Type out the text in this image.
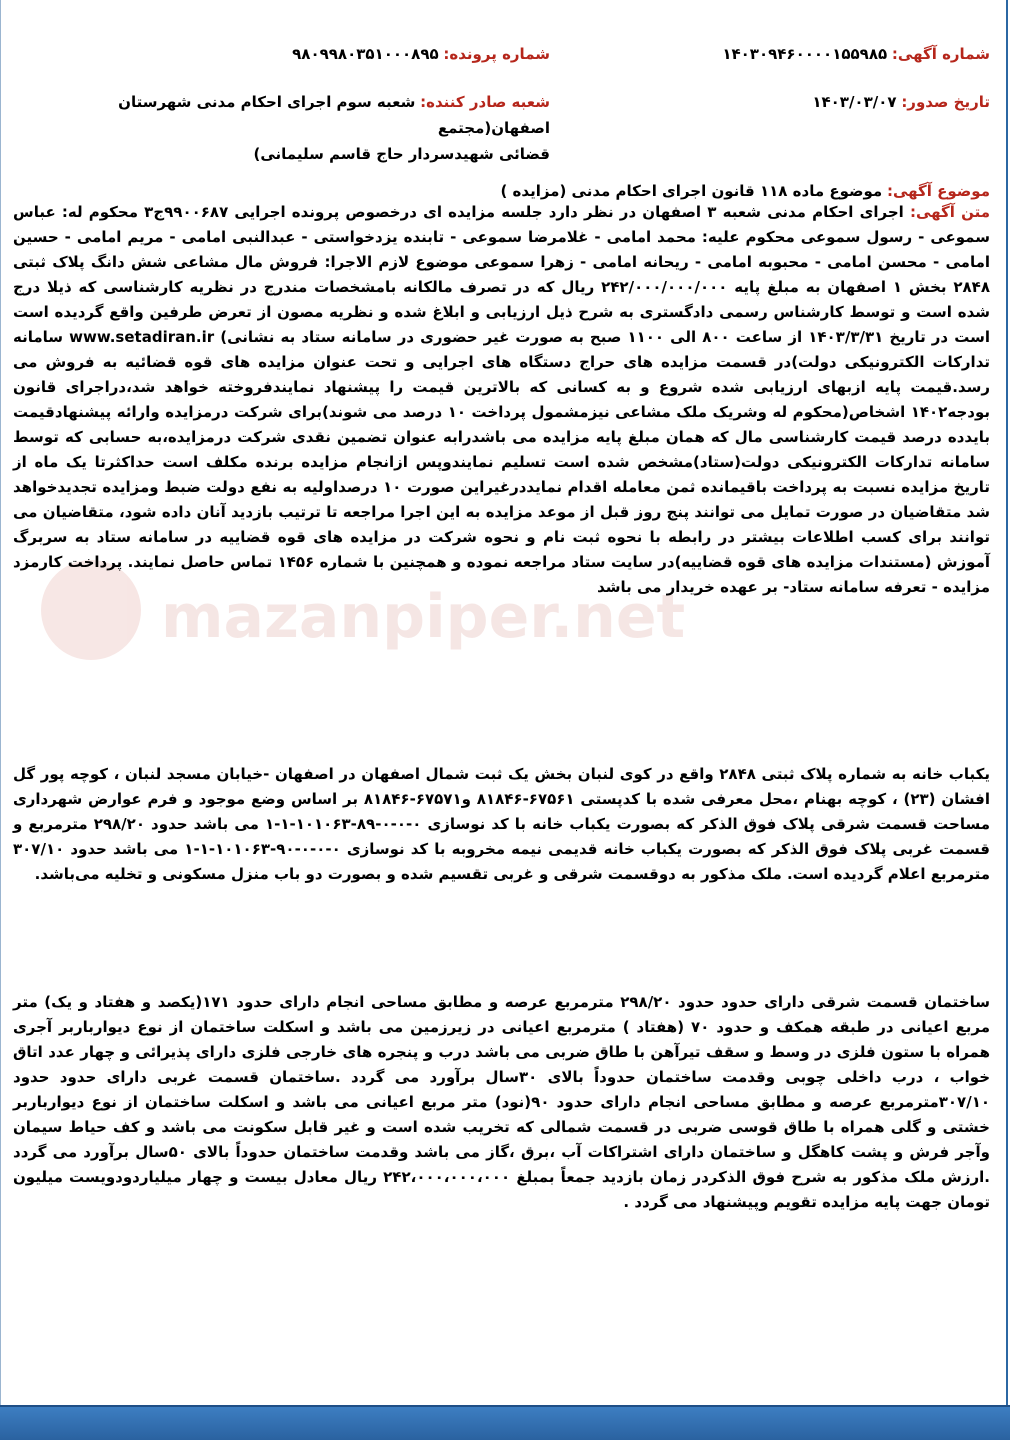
mazanpiper.net
شماره آگهی: ۱۴۰۳۰۹۴۶۰۰۰۰۱۵۵۹۸۵
شماره پرونده: ۹۸۰۹۹۸۰۳۵۱۰۰۰۸۹۵
تاریخ صدور: ۱۴۰۳/۰۳/۰۷
شعبه صادر کننده: شعبه سوم اجرای احکام مدنی شهرستان اصفهان(مجتمع
قضائی شهیدسردار حاج قاسم سلیمانی)
موضوع آگهی: موضوع ماده ۱۱۸ قانون اجرای احکام مدنی (مزایده )
متن آگهی: اجرای احکام مدنی شعبه ۳ اصفهان در نظر دارد جلسه مزایده ای درخصوص پرونده اجرایی ۹۹۰۰۶۸۷ج۳ محکوم له: عباس سموعی - رسول سموعی محکوم علیه: محمد امامی - غلامرضا سموعی - تابنده یزدخواستی - عبدالنبی امامی - مریم امامی - حسین امامی - محسن امامی - محبوبه امامی - ریحانه امامی - زهرا سموعی موضوع لازم الاجرا: فروش مال مشاعی شش دانگ پلاک ثبتی ۲۸۴۸ بخش ۱ اصفهان به مبلغ پایه ۲۴۲/۰۰۰/۰۰۰/۰۰۰ ریال که در تصرف مالکانه بامشخصات مندرج در نظریه کارشناسی که ذیلا درج شده است و توسط کارشناس رسمی دادگستری به شرح ذیل ارزیابی و ابلاغ شده و نظریه مصون از تعرض طرفین واقع گردیده است است در تاریخ ۱۴۰۳/۳/۳۱ از ساعت ۸۰۰ الی ۱۱۰۰ صبح به صورت غیر حضوری در سامانه ستاد به نشانی) www.setadiran.ir سامانه تدارکات الکترونیکی دولت)در قسمت مزایده های حراج دستگاه های اجرایی و تحت عنوان مزایده های قوه قضائیه به فروش می رسد.قیمت پایه ازبهای ارزیابی شده شروع و به کسانی که بالاترین قیمت را پیشنهاد نمایندفروخته خواهد شد،دراجرای قانون بودجه۱۴۰۲ اشخاص(محکوم له وشریک ملک مشاعی نیزمشمول پرداخت ۱۰ درصد می شوند)برای شرکت درمزایده وارائه پیشنهادقیمت بایدده درصد قیمت کارشناسی مال که همان مبلغ پایه مزایده می باشدرابه عنوان تضمین نقدی شرکت درمزایده،به حسابی که توسط سامانه تدارکات الکترونیکی دولت(ستاد)مشخص شده است تسلیم نمایندوپس ازانجام مزایده برنده مکلف است حداکثرتا یک ماه از تاریخ مزایده نسبت به پرداخت باقیمانده ثمن معامله اقدام نمایددرغیراین صورت ۱۰ درصداولیه به نفع دولت ضبط ومزایده تجدیدخواهد شد متقاضیان در صورت تمایل می توانند پنج روز قبل از موعد مزایده به این اجرا مراجعه تا ترتیب بازدید آنان داده شود، متقاضیان می توانند برای کسب اطلاعات بیشتر در رابطه با نحوه ثبت نام و نحوه شرکت در مزایده های قوه قضاییه در سامانه ستاد به سربرگ آموزش (مستندات مزایده های قوه قضاییه)در سایت ستاد مراجعه نموده و همچنین با شماره ۱۴۵۶ تماس حاصل نمایند. پرداخت کارمزد مزایده - تعرفه سامانه ستاد- بر عهده خریدار می باشد
یکباب خانه به شماره پلاک ثبتی ۲۸۴۸ واقع در کوی لنبان بخش یک ثبت شمال اصفهان در اصفهان -خیابان مسجد لنبان ، کوچه پور گل افشان (۲۳) ، کوچه بهنام ،محل معرفی شده با کدپستی ۶۷۵۶۱-۸۱۸۴۶ و۶۷۵۷۱-۸۱۸۴۶ بر اساس وضع موجود و فرم عوارض شهرداری مساحت قسمت شرقی پلاک فوق الذکر که بصورت یکباب خانه با کد نوسازی ۰-۰-۰-۸۹-۱۰۱۰۶۳-۱-۱ می باشد حدود ۲۹۸/۲۰ مترمربع و قسمت غربی پلاک فوق الذکر که بصورت یکباب خانه قدیمی نیمه مخروبه با کد نوسازی ۰-۰-۰-۹۰-۱۰۱۰۶۳-۱-۱ می باشد حدود ۳۰۷/۱۰ مترمربع اعلام گردیده است. ملک مذکور به دوقسمت شرقی و غربی تقسیم شده و بصورت دو باب منزل مسکونی و تخلیه می‌باشد.
ساختمان قسمت شرقی دارای حدود حدود ۲۹۸/۲۰ مترمربع عرصه و مطابق مساحی انجام دارای حدود ۱۷۱(یکصد و هفتاد و یک) متر مربع اعیانی در طبقه همکف و حدود ۷۰ (هفتاد ) مترمربع اعیانی در زیرزمین می باشد و اسکلت ساختمان از نوع دیوارباربر آجری همراه با ستون فلزی در وسط و سقف تیرآهن با طاق ضربی می باشد درب و پنجره های خارجی فلزی دارای پذیرائی و چهار عدد اتاق خواب ، درب داخلی چوبی وقدمت ساختمان حدوداً بالای ۳۰سال برآورد می گردد .ساختمان قسمت غربی دارای حدود حدود ۳۰۷/۱۰مترمربع عرصه و مطابق مساحی انجام دارای حدود ۹۰(نود) متر مربع اعیانی می باشد و اسکلت ساختمان از نوع دیوارباربر خشتی و گلی همراه با طاق قوسی ضربی در قسمت شمالی که تخریب شده است و غیر قابل سکونت می باشد و کف حیاط سیمان وآجر فرش و پشت کاهگل و ساختمان دارای اشتراکات آب ،برق ،گاز می باشد وقدمت ساختمان حدوداً بالای ۵۰سال برآورد می گردد .ارزش ملک مذکور به شرح فوق الذکردر زمان بازدید جمعاً بمبلغ ۲۴۲،۰۰۰،۰۰۰،۰۰۰ ریال معادل بیست و چهار میلیاردودویست میلیون تومان جهت پایه مزایده تقویم وپیشنهاد می گردد .
